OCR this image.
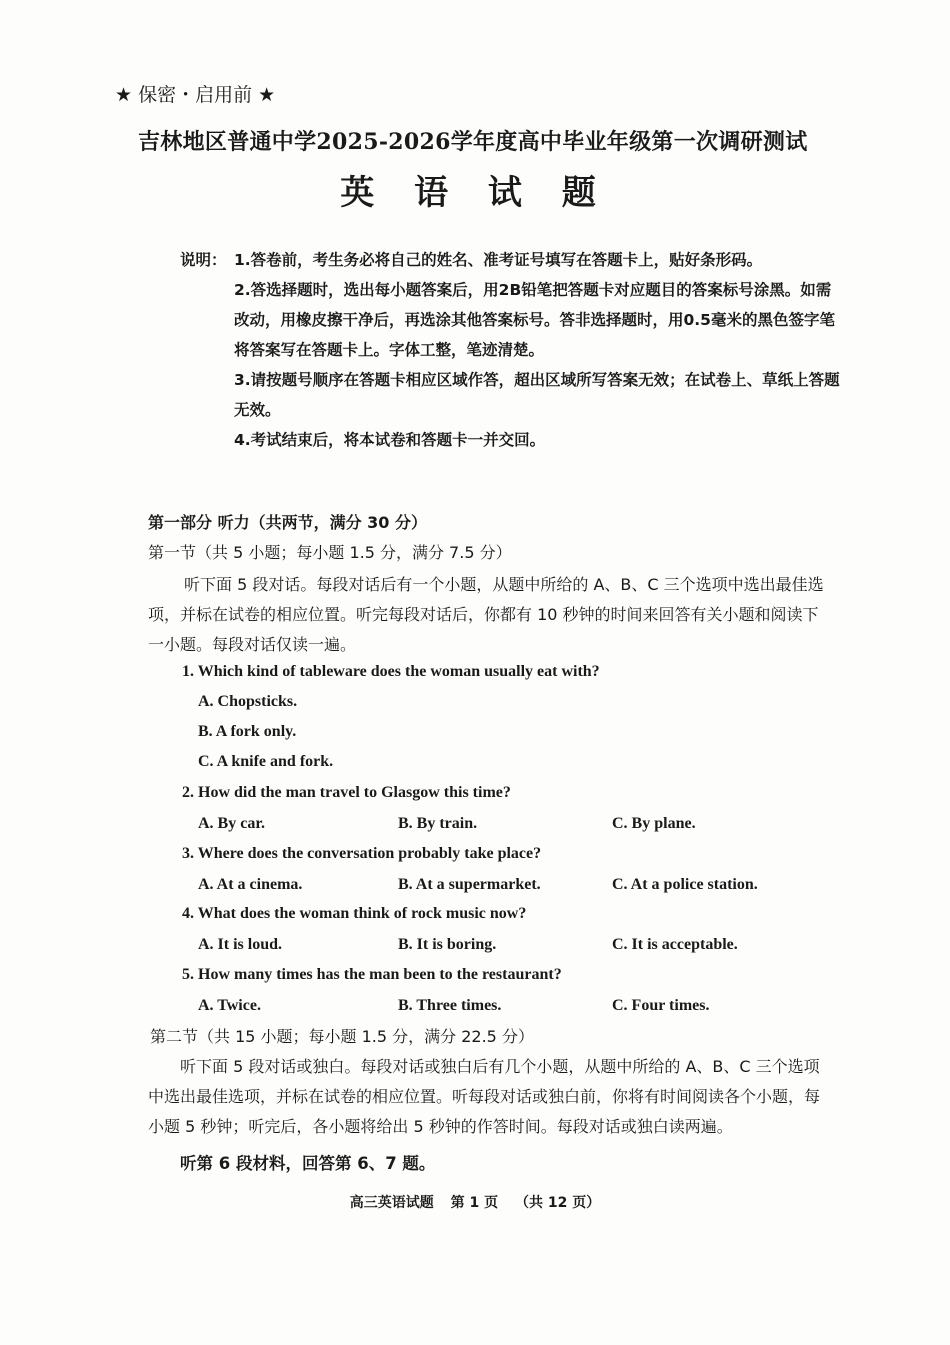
★ 保密・启用前 ★
吉林地区普通中学2025-2026学年度高中毕业年级第一次调研测试
英 语 试 题
说明： 1.答卷前，考生务必将自己的姓名、准考证号填写在答题卡上，贴好条形码。
2.答选择题时，选出每小题答案后，用2B铅笔把答题卡对应题目的答案标号涂黑。如需改动，用橡皮擦干净后，再选涂其他答案标号。答非选择题时，用0.5毫米的黑色签字笔将答案写在答题卡上。字体工整，笔迹清楚。
3.请按题号顺序在答题卡相应区域作答，超出区域所写答案无效；在试卷上、草纸上答题无效。
4.考试结束后，将本试卷和答题卡一并交回。
第一部分 听力（共两节，满分 30 分）
第一节（共 5 小题；每小题 1.5 分，满分 7.5 分）
听下面 5 段对话。每段对话后有一个小题，从题中所给的 A、B、C 三个选项中选出最佳选项，并标在试卷的相应位置。听完每段对话后，你都有 10 秒钟的时间来回答有关小题和阅读下一小题。每段对话仅读一遍。
1. Which kind of tableware does the woman usually eat with?
A. Chopsticks.
B. A fork only.
C. A knife and fork.
2. How did the man travel to Glasgow this time?
A. By car.	B. By train.	C. By plane.
3. Where does the conversation probably take place?
A. At a cinema.	B. At a supermarket.	C. At a police station.
4. What does the woman think of rock music now?
A. It is loud.	B. It is boring.	C. It is acceptable.
5. How many times has the man been to the restaurant?
A. Twice.	B. Three times.	C. Four times.
第二节（共 15 小题；每小题 1.5 分，满分 22.5 分）
听下面 5 段对话或独白。每段对话或独白后有几个小题，从题中所给的 A、B、C 三个选项中选出最佳选项，并标在试卷的相应位置。听每段对话或独白前，你将有时间阅读各个小题，每小题 5 秒钟；听完后，各小题将给出 5 秒钟的作答时间。每段对话或独白读两遍。
听第 6 段材料，回答第 6、7 题。
高三英语试题 第 1 页 （共 12 页）
